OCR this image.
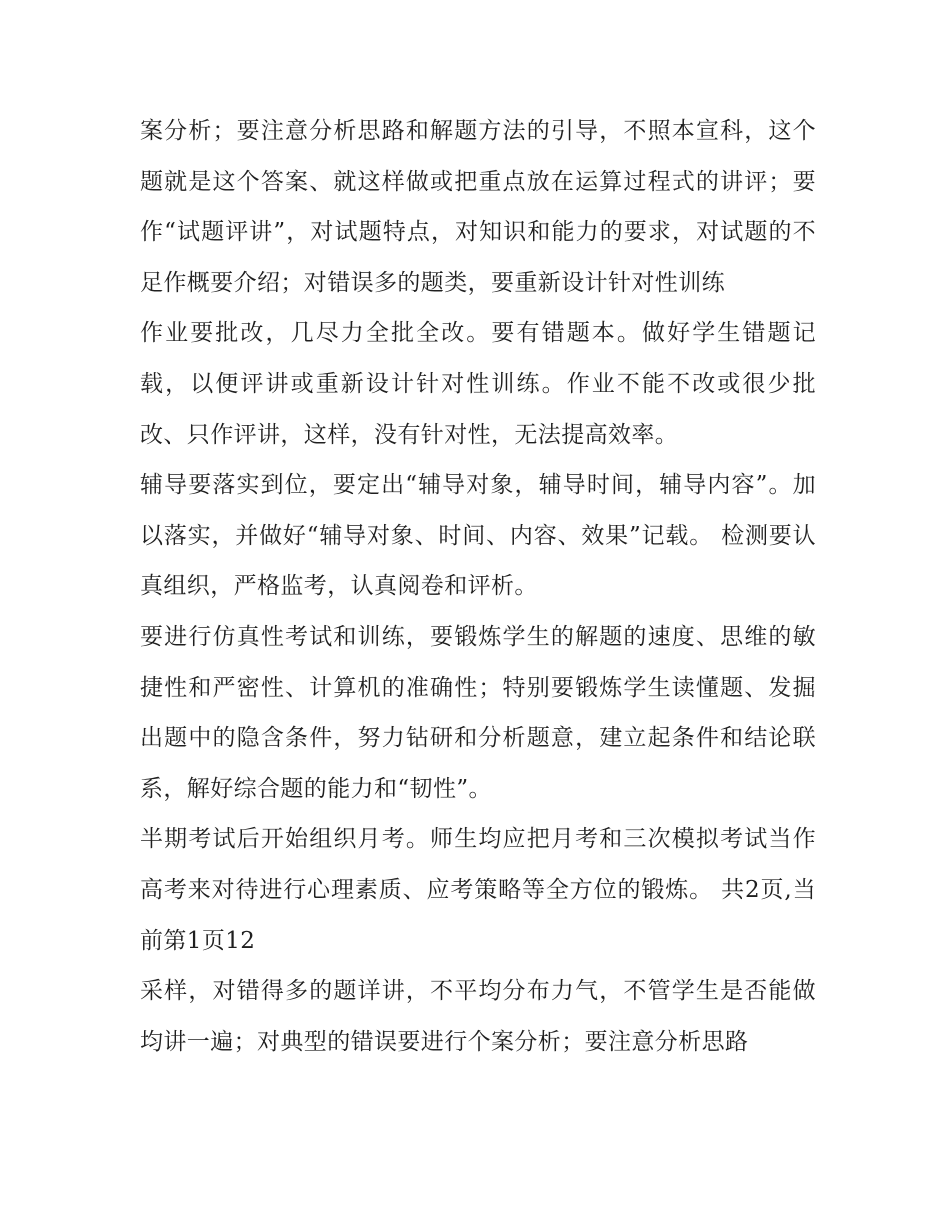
案分析；要注意分析思路和解题方法的引导，不照本宣科，这个题就是这个答案、就这样做或把重点放在运算过程式的讲评；要作“试题评讲”，对试题特点，对知识和能力的要求，对试题的不足作概要介绍；对错误多的题类，要重新设计针对性训练

作业要批改，几尽力全批全改。要有错题本。做好学生错题记载，以便评讲或重新设计针对性训练。作业不能不改或很少批改、只作评讲，这样，没有针对性，无法提高效率。

辅导要落实到位，要定出“辅导对象，辅导时间，辅导内容”。加以落实，并做好“辅导对象、时间、内容、效果”记载。 检测要认真组织，严格监考，认真阅卷和评析。

要进行仿真性考试和训练，要锻炼学生的解题的速度、思维的敏捷性和严密性、计算机的准确性；特别要锻炼学生读懂题、发掘出题中的隐含条件，努力钻研和分析题意，建立起条件和结论联系，解好综合题的能力和“韧性”。

半期考试后开始组织月考。师生均应把月考和三次模拟考试当作高考来对待进行心理素质、应考策略等全方位的锻炼。 共2页,当前第1页12

采样，对错得多的题详讲，不平均分布力气，不管学生是否能做均讲一遍；对典型的错误要进行个案分析；要注意分析思路
